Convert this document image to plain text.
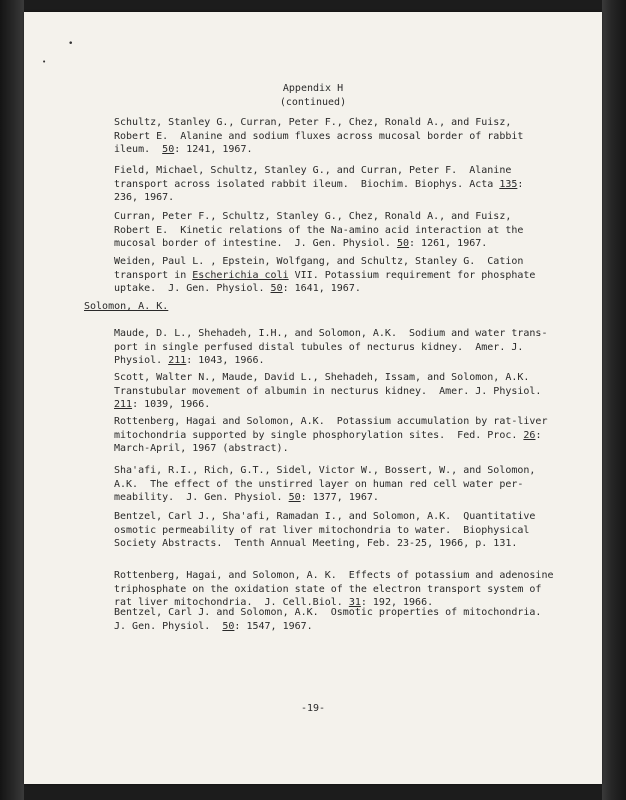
•
•
Appendix H
(continued)
Schultz, Stanley G., Curran, Peter F., Chez, Ronald A., and Fuisz,
Robert E.  Alanine and sodium fluxes across mucosal border of rabbit
ileum.  50: 1241, 1967.
Field, Michael, Schultz, Stanley G., and Curran, Peter F.  Alanine
transport across isolated rabbit ileum.  Biochim. Biophys. Acta 135:
236, 1967.
Curran, Peter F., Schultz, Stanley G., Chez, Ronald A., and Fuisz,
Robert E.  Kinetic relations of the Na-amino acid interaction at the
mucosal border of intestine.  J. Gen. Physiol. 50: 1261, 1967.
Weiden, Paul L. , Epstein, Wolfgang, and Schultz, Stanley G.  Cation
transport in Escherichia coli VII. Potassium requirement for phosphate
uptake.  J. Gen. Physiol. 50: 1641, 1967.
Solomon, A. K.
Maude, D. L., Shehadeh, I.H., and Solomon, A.K.  Sodium and water trans-
port in single perfused distal tubules of necturus kidney.  Amer. J.
Physiol. 211: 1043, 1966.
Scott, Walter N., Maude, David L., Shehadeh, Issam, and Solomon, A.K.
Transtubular movement of albumin in necturus kidney.  Amer. J. Physiol.
211: 1039, 1966.
Rottenberg, Hagai and Solomon, A.K.  Potassium accumulation by rat-liver
mitochondria supported by single phosphorylation sites.  Fed. Proc. 26:
March-April, 1967 (abstract).
Sha'afi, R.I., Rich, G.T., Sidel, Victor W., Bossert, W., and Solomon,
A.K.  The effect of the unstirred layer on human red cell water per-
meability.  J. Gen. Physiol. 50: 1377, 1967.
Bentzel, Carl J., Sha'afi, Ramadan I., and Solomon, A.K.  Quantitative
osmotic permeability of rat liver mitochondria to water.  Biophysical
Society Abstracts.  Tenth Annual Meeting, Feb. 23-25, 1966, p. 131.
Rottenberg, Hagai, and Solomon, A. K.  Effects of potassium and adenosine
triphosphate on the oxidation state of the electron transport system of
rat liver mitochondria.  J. Cell.Biol. 31: 192, 1966.
Bentzel, Carl J. and Solomon, A.K.  Osmotic properties of mitochondria.
J. Gen. Physiol.  50: 1547, 1967.
-19-
